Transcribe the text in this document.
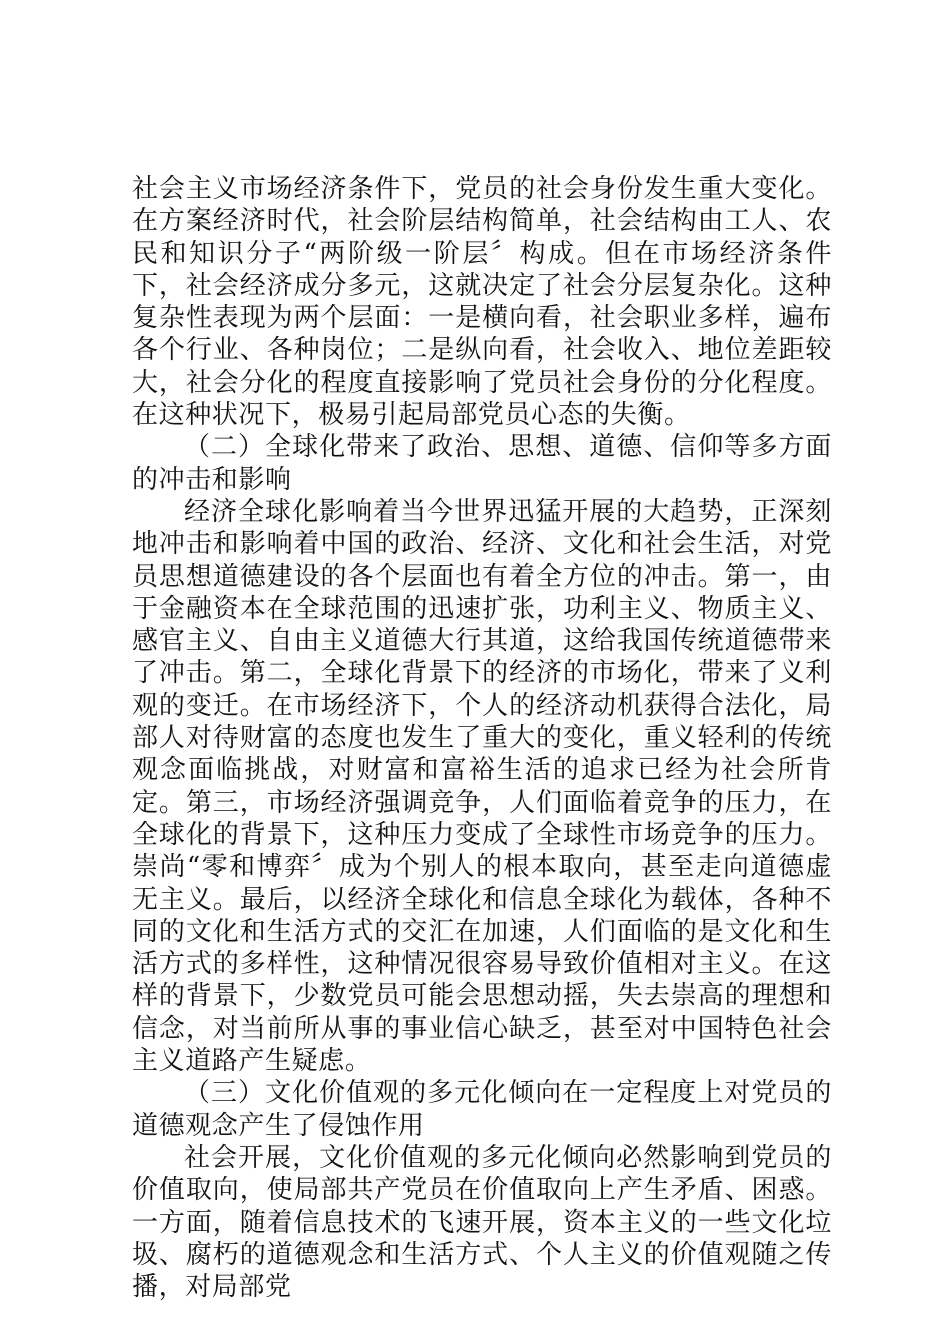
社会主义市场经济条件下，党员的社会身份发生重大变化。在方案经济时代，社会阶层结构简单，社会结构由工人、农民和知识分子“两阶级一阶层〞构成。但在市场经济条件下，社会经济成分多元，这就决定了社会分层复杂化。这种复杂性表现为两个层面：一是横向看，社会职业多样，遍布各个行业、各种岗位；二是纵向看，社会收入、地位差距较大，社会分化的程度直接影响了党员社会身份的分化程度。在这种状况下，极易引起局部党员心态的失衡。

（二）全球化带来了政治、思想、道德、信仰等多方面的冲击和影响

经济全球化影响着当今世界迅猛开展的大趋势，正深刻地冲击和影响着中国的政治、经济、文化和社会生活，对党员思想道德建设的各个层面也有着全方位的冲击。第一，由于金融资本在全球范围的迅速扩张，功利主义、物质主义、感官主义、自由主义道德大行其道，这给我国传统道德带来了冲击。第二，全球化背景下的经济的市场化，带来了义利观的变迁。在市场经济下，个人的经济动机获得合法化，局部人对待财富的态度也发生了重大的变化，重义轻利的传统观念面临挑战，对财富和富裕生活的追求已经为社会所肯定。第三，市场经济强调竞争，人们面临着竞争的压力，在全球化的背景下，这种压力变成了全球性市场竞争的压力。崇尚“零和博弈〞成为个别人的根本取向，甚至走向道德虚无主义。最后，以经济全球化和信息全球化为载体，各种不同的文化和生活方式的交汇在加速，人们面临的是文化和生活方式的多样性，这种情况很容易导致价值相对主义。在这样的背景下，少数党员可能会思想动摇，失去崇高的理想和信念，对当前所从事的事业信心缺乏，甚至对中国特色社会主义道路产生疑虑。

（三）文化价值观的多元化倾向在一定程度上对党员的道德观念产生了侵蚀作用

社会开展，文化价值观的多元化倾向必然影响到党员的价值取向，使局部共产党员在价值取向上产生矛盾、困惑。一方面，随着信息技术的飞速开展，资本主义的一些文化垃圾、腐朽的道德观念和生活方式、个人主义的价值观随之传播，对局部党
